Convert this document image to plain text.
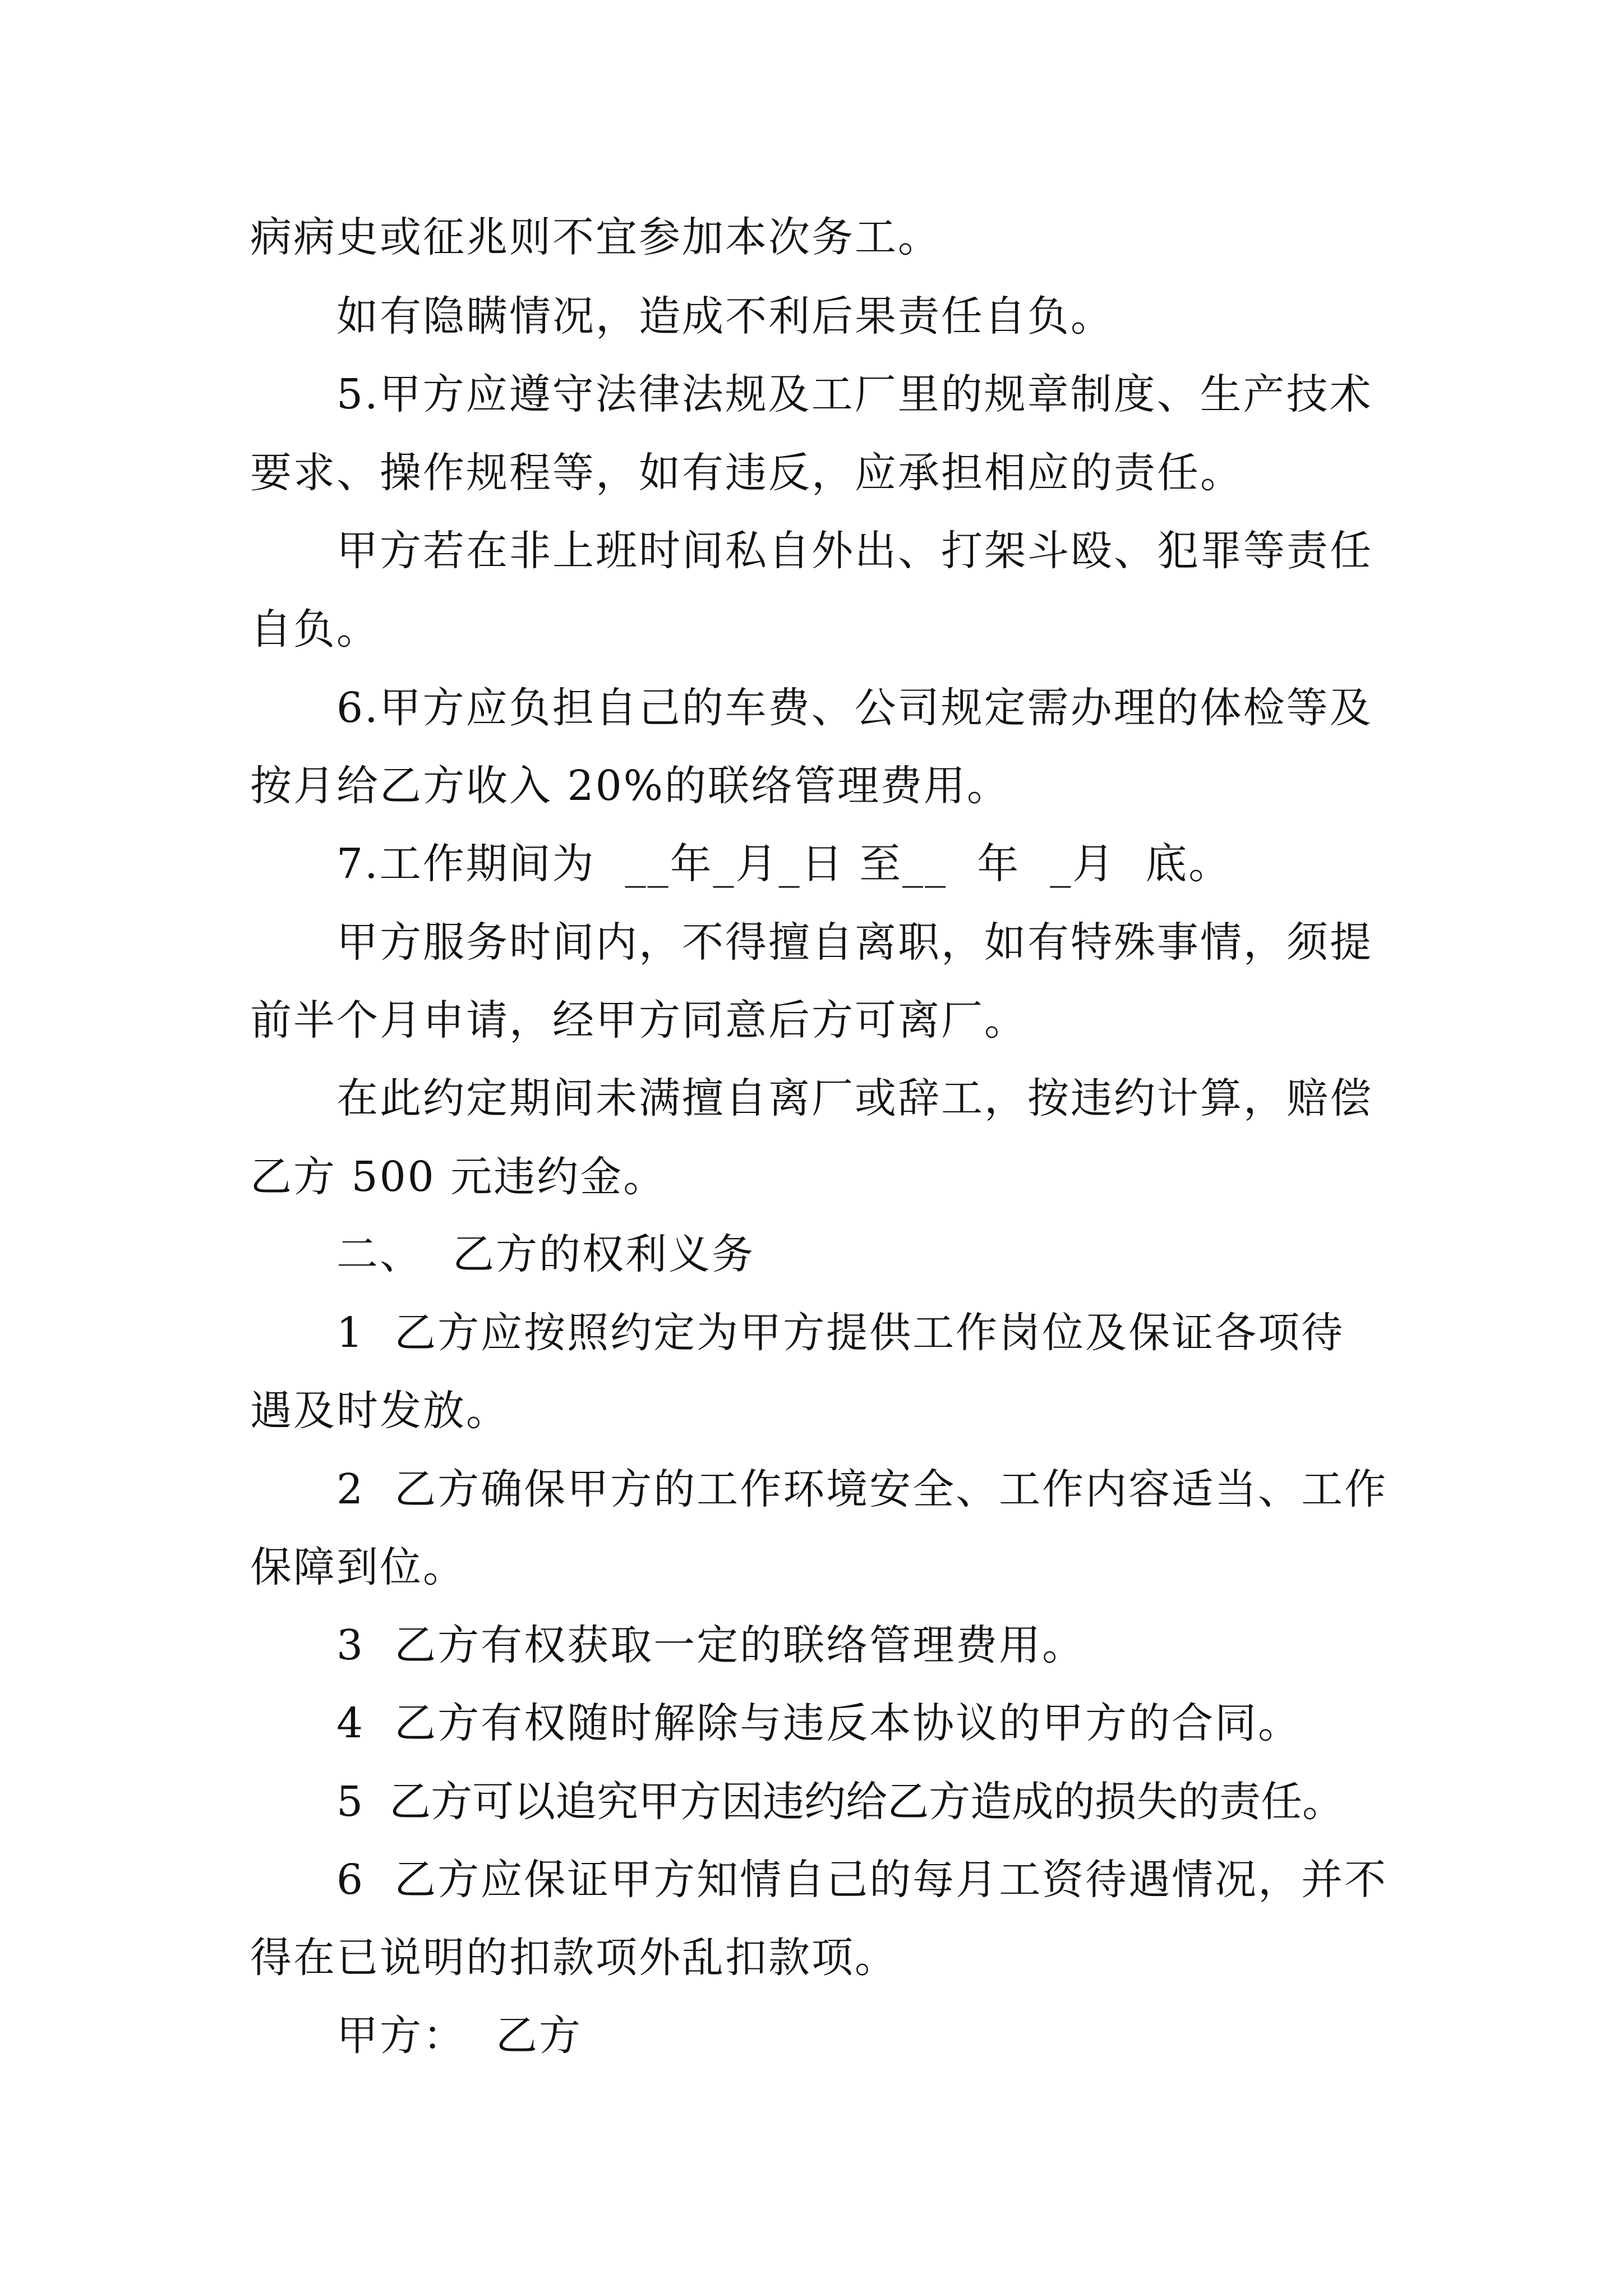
病病史或征兆则不宜参加本次务工。

如有隐瞒情况，造成不利后果责任自负。

5.甲方应遵守法律法规及工厂里的规章制度、生产技术

要求、操作规程等，如有违反，应承担相应的责任。

甲方若在非上班时间私自外出、打架斗殴、犯罪等责任

自负。

6.甲方应负担自己的车费、公司规定需办理的体检等及

按月给乙方收入 20%的联络管理费用。

7.工作期间为  __年_月_日 至__  年  _月  底。

甲方服务时间内，不得擅自离职，如有特殊事情，须提

前半个月申请，经甲方同意后方可离厂。

在此约定期间未满擅自离厂或辞工，按违约计算，赔偿

乙方 500 元违约金。

二、  乙方的权利义务

1  乙方应按照约定为甲方提供工作岗位及保证各项待

遇及时发放。

2  乙方确保甲方的工作环境安全、工作内容适当、工作

保障到位。

3  乙方有权获取一定的联络管理费用。

4  乙方有权随时解除与违反本协议的甲方的合同。

5  乙方可以追究甲方因违约给乙方造成的损失的责任。

6  乙方应保证甲方知情自己的每月工资待遇情况，并不

得在已说明的扣款项外乱扣款项。

甲方：  乙方
